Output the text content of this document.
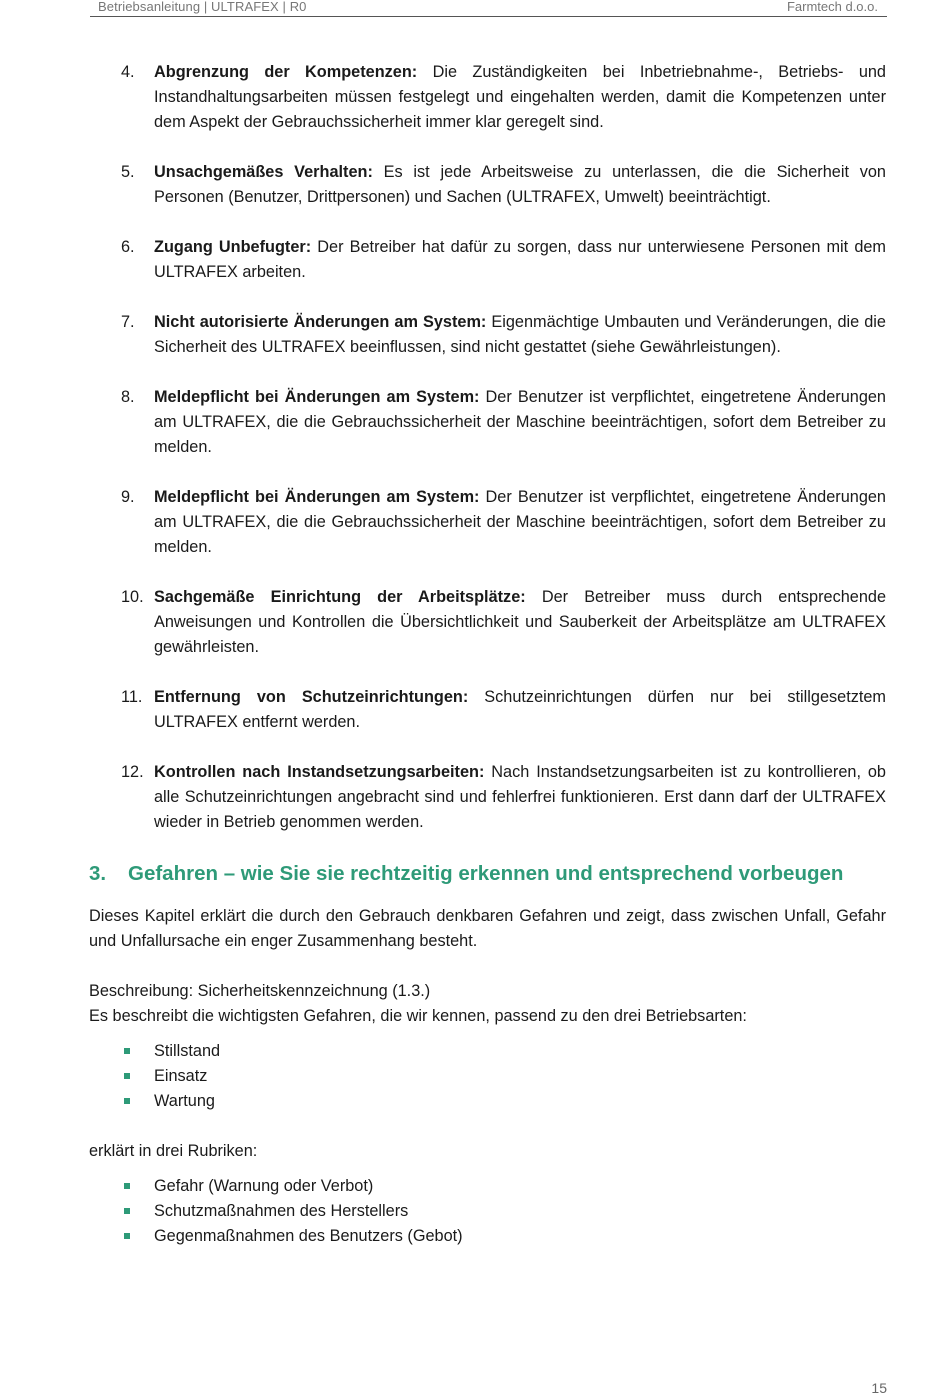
Betriebsanleitung | ULTRAFEX | R0	Farmtech d.o.o.
4. Abgrenzung der Kompetenzen: Die Zuständigkeiten bei Inbetriebnahme-, Betriebs- und Instandhaltungsarbeiten müssen festgelegt und eingehalten werden, damit die Kompetenzen unter dem Aspekt der Gebrauchssicherheit immer klar geregelt sind.
5. Unsachgemäßes Verhalten: Es ist jede Arbeitsweise zu unterlassen, die die Sicherheit von Personen (Benutzer, Drittpersonen) und Sachen (ULTRAFEX, Umwelt) beeinträchtigt.
6. Zugang Unbefugter: Der Betreiber hat dafür zu sorgen, dass nur unterwiesene Personen mit dem ULTRAFEX arbeiten.
7. Nicht autorisierte Änderungen am System: Eigenmächtige Umbauten und Veränderungen, die die Sicherheit des ULTRAFEX beeinflussen, sind nicht gestattet (siehe Gewährleistungen).
8. Meldepflicht bei Änderungen am System: Der Benutzer ist verpflichtet, eingetretene Änderungen am ULTRAFEX, die die Gebrauchssicherheit der Maschine beeinträchtigen, sofort dem Betreiber zu melden.
9. Meldepflicht bei Änderungen am System: Der Benutzer ist verpflichtet, eingetretene Änderungen am ULTRAFEX, die die Gebrauchssicherheit der Maschine beeinträchtigen, sofort dem Betreiber zu melden.
10. Sachgemäße Einrichtung der Arbeitsplätze: Der Betreiber muss durch entsprechende Anweisungen und Kontrollen die Übersichtlichkeit und Sauberkeit der Arbeitsplätze am ULTRAFEX gewährleisten.
11. Entfernung von Schutzeinrichtungen: Schutzeinrichtungen dürfen nur bei stillgesetztem ULTRAFEX entfernt werden.
12. Kontrollen nach Instandsetzungsarbeiten: Nach Instandsetzungsarbeiten ist zu kontrollieren, ob alle Schutzeinrichtungen angebracht sind und fehlerfrei funktionieren. Erst dann darf der ULTRAFEX wieder in Betrieb genommen werden.
3. Gefahren – wie Sie sie rechtzeitig erkennen und entsprechend vorbeugen

Dieses Kapitel erklärt die durch den Gebrauch denkbaren Gefahren und zeigt, dass zwischen Unfall, Gefahr und Unfallursache ein enger Zusammenhang besteht.

Beschreibung: Sicherheitskennzeichnung (1.3.)

Es beschreibt die wichtigsten Gefahren, die wir kennen, passend zu den drei Betriebsarten:

Stillstand
Einsatz
Wartung

erklärt in drei Rubriken:

Gefahr (Warnung oder Verbot)
Schutzmaßnahmen des Herstellers
Gegenmaßnahmen des Benutzers (Gebot)
15
